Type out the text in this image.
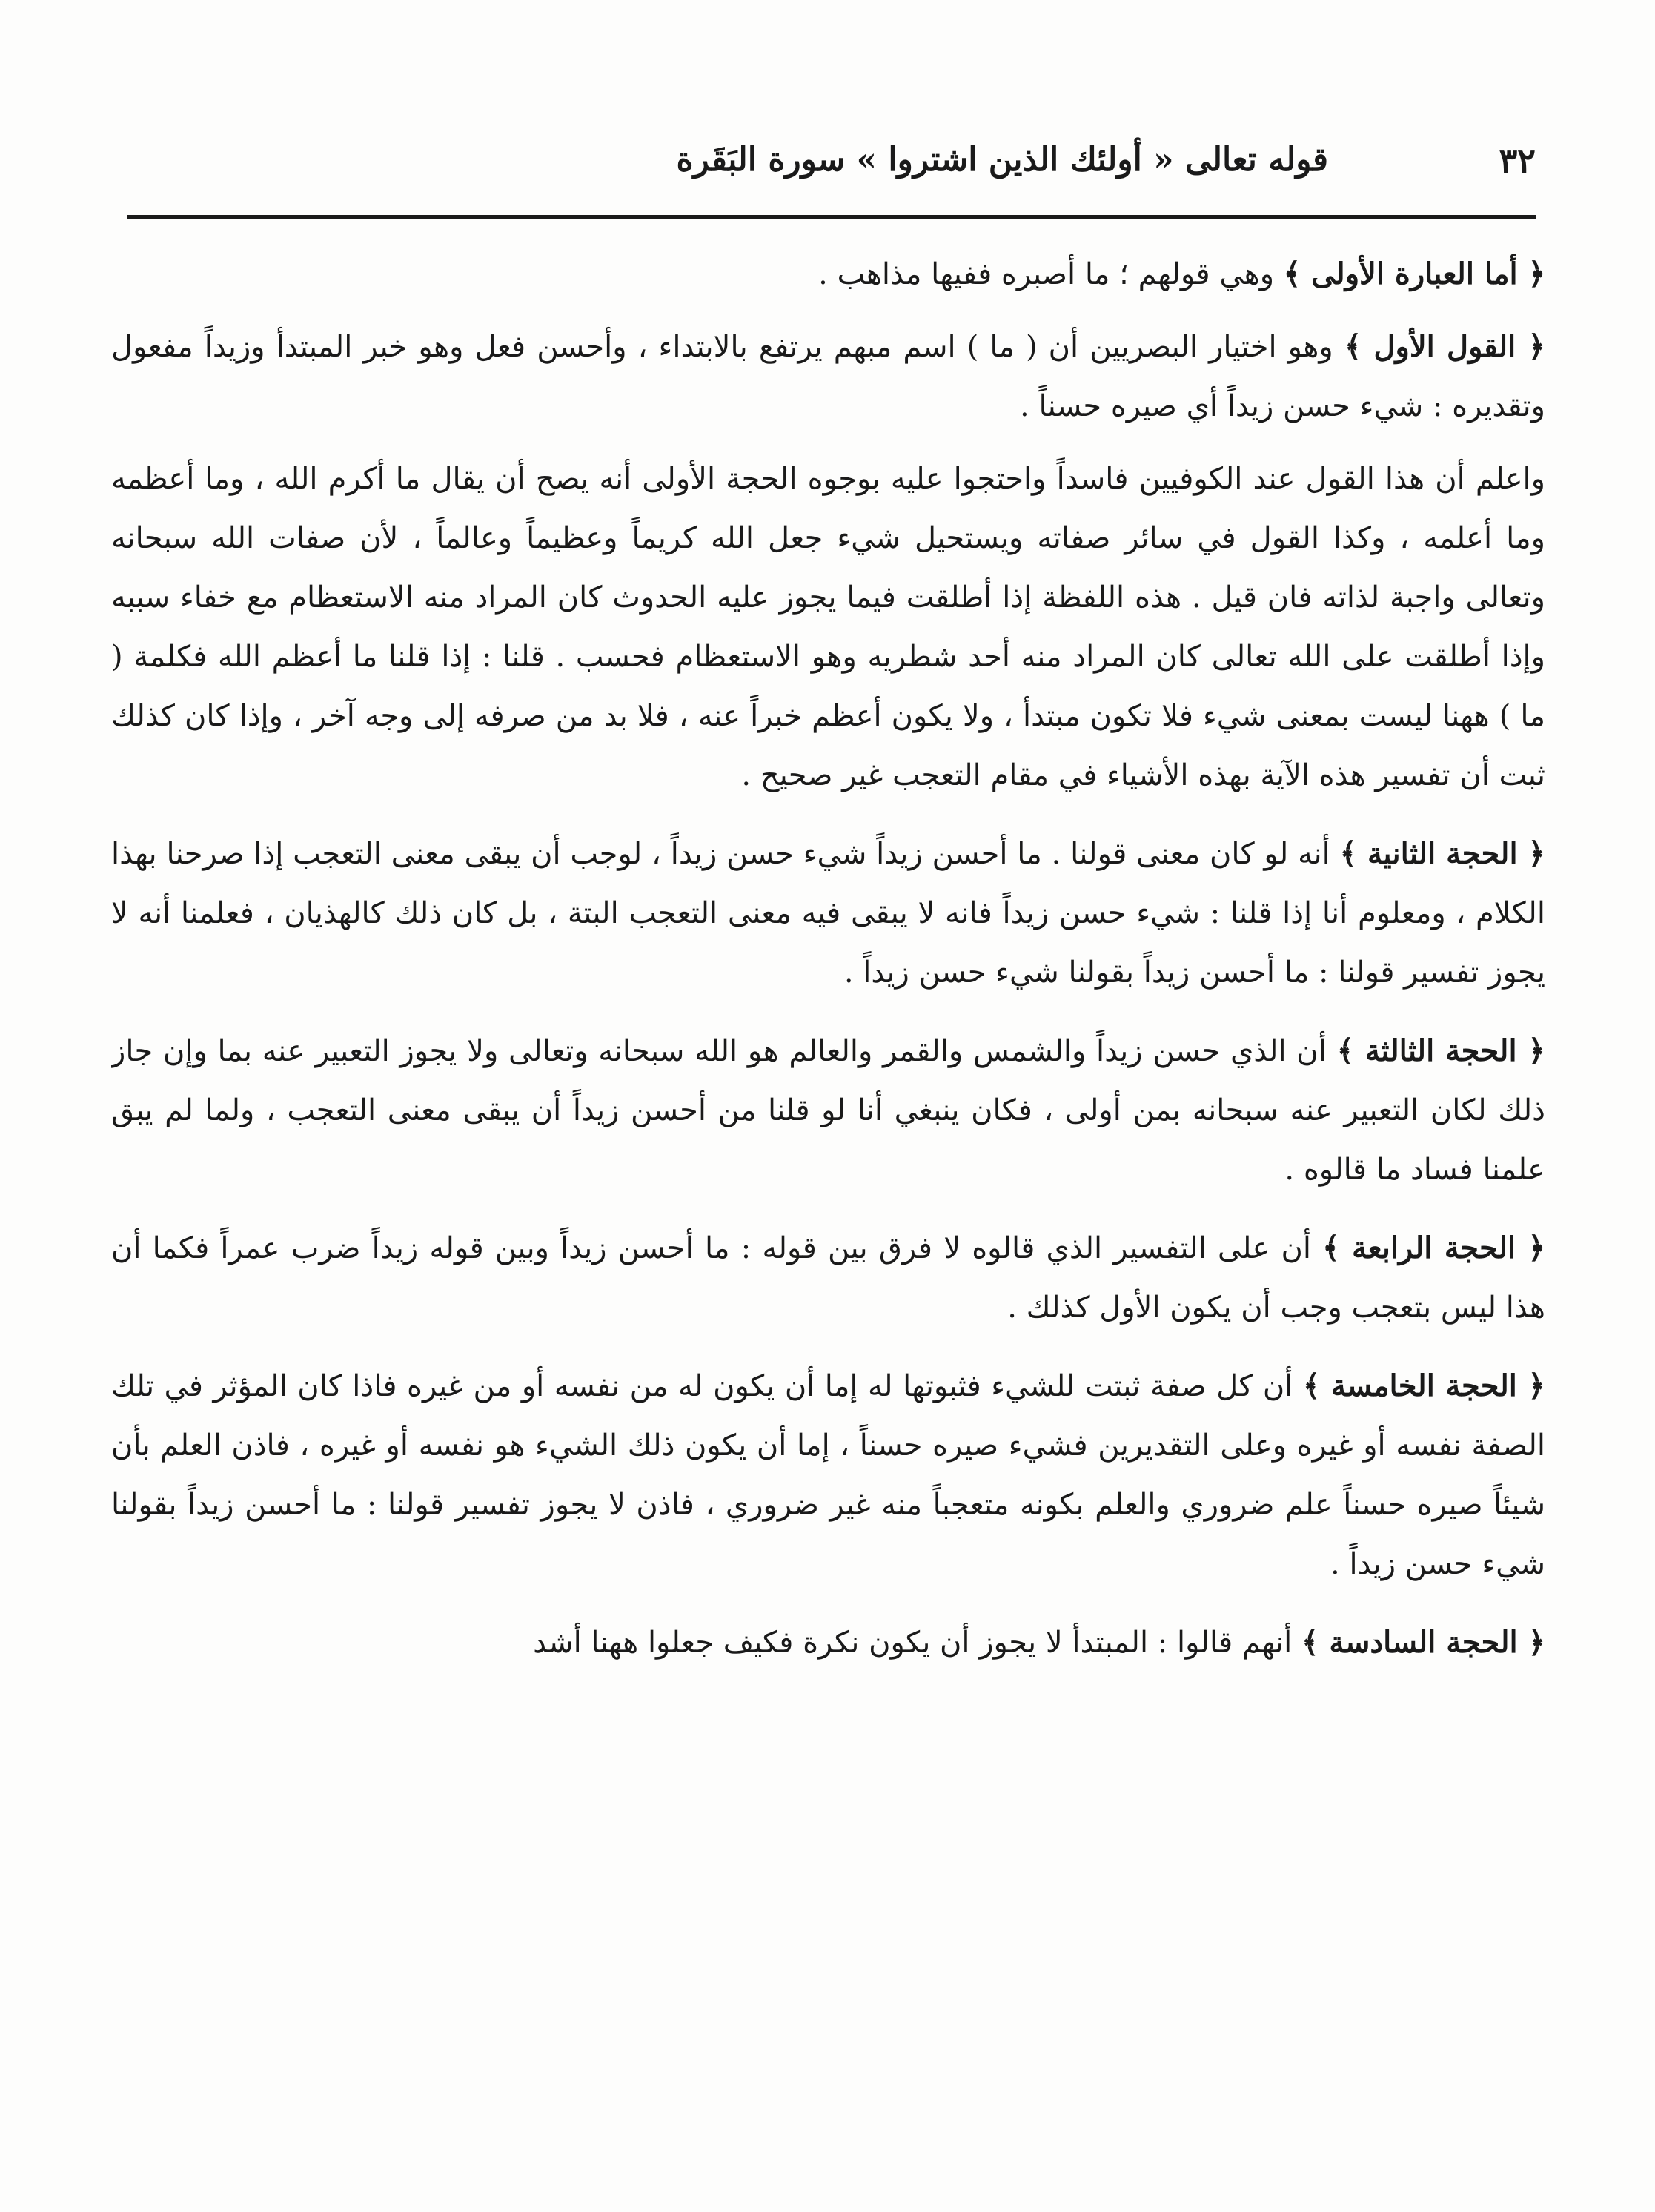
٣٢
قوله تعالى « أولئك الذين اشتروا » سورة البَقَرة

﴿ أما العبارة الأولى ﴾ وهي قولهم ؛ ما أصبره ففيها مذاهب .

﴿ القول الأول ﴾ وهو اختيار البصريين أن ( ما ) اسم مبهم يرتفع بالابتداء ، وأحسن فعل وهو خبر المبتدأ وزيداً مفعول وتقديره : شيء حسن زيداً أي صيره حسناً .

واعلم أن هذا القول عند الكوفيين فاسداً واحتجوا عليه بوجوه الحجة الأولى أنه يصح أن يقال ما أكرم الله ، وما أعظمه وما أعلمه ، وكذا القول في سائر صفاته ويستحيل شيء جعل الله كريماً وعظيماً وعالماً ، لأن صفات الله سبحانه وتعالى واجبة لذاته فان قيل . هذه اللفظة إذا أطلقت فيما يجوز عليه الحدوث كان المراد منه الاستعظام مع خفاء سببه وإذا أطلقت على الله تعالى كان المراد منه أحد شطريه وهو الاستعظام فحسب . قلنا : إذا قلنا ما أعظم الله فكلمة ( ما ) ههنا ليست بمعنى شيء فلا تكون مبتدأ ، ولا يكون أعظم خبراً عنه ، فلا بد من صرفه إلى وجه آخر ، وإذا كان كذلك ثبت أن تفسير هذه الآية بهذه الأشياء في مقام التعجب غير صحيح .

﴿ الحجة الثانية ﴾ أنه لو كان معنى قولنا . ما أحسن زيداً شيء حسن زيداً ، لوجب أن يبقى معنى التعجب إذا صرحنا بهذا الكلام ، ومعلوم أنا إذا قلنا : شيء حسن زيداً فانه لا يبقى فيه معنى التعجب البتة ، بل كان ذلك كالهذيان ، فعلمنا أنه لا يجوز تفسير قولنا : ما أحسن زيداً بقولنا شيء حسن زيداً .

﴿ الحجة الثالثة ﴾ أن الذي حسن زيداً والشمس والقمر والعالم هو الله سبحانه وتعالى ولا يجوز التعبير عنه بما وإن جاز ذلك لكان التعبير عنه سبحانه بمن أولى ، فكان ينبغي أنا لو قلنا من أحسن زيداً أن يبقى معنى التعجب ، ولما لم يبق علمنا فساد ما قالوه .

﴿ الحجة الرابعة ﴾ أن على التفسير الذي قالوه لا فرق بين قوله : ما أحسن زيداً وبين قوله زيداً ضرب عمراً فكما أن هذا ليس بتعجب وجب أن يكون الأول كذلك .

﴿ الحجة الخامسة ﴾ أن كل صفة ثبتت للشيء فثبوتها له إما أن يكون له من نفسه أو من غيره فاذا كان المؤثر في تلك الصفة نفسه أو غيره وعلى التقديرين فشيء صيره حسناً ، إما أن يكون ذلك الشيء هو نفسه أو غيره ، فاذن العلم بأن شيئاً صيره حسناً علم ضروري والعلم بكونه متعجباً منه غير ضروري ، فاذن لا يجوز تفسير قولنا : ما أحسن زيداً بقولنا شيء حسن زيداً .

﴿ الحجة السادسة ﴾ أنهم قالوا : المبتدأ لا يجوز أن يكون نكرة فكيف جعلوا ههنا أشد
